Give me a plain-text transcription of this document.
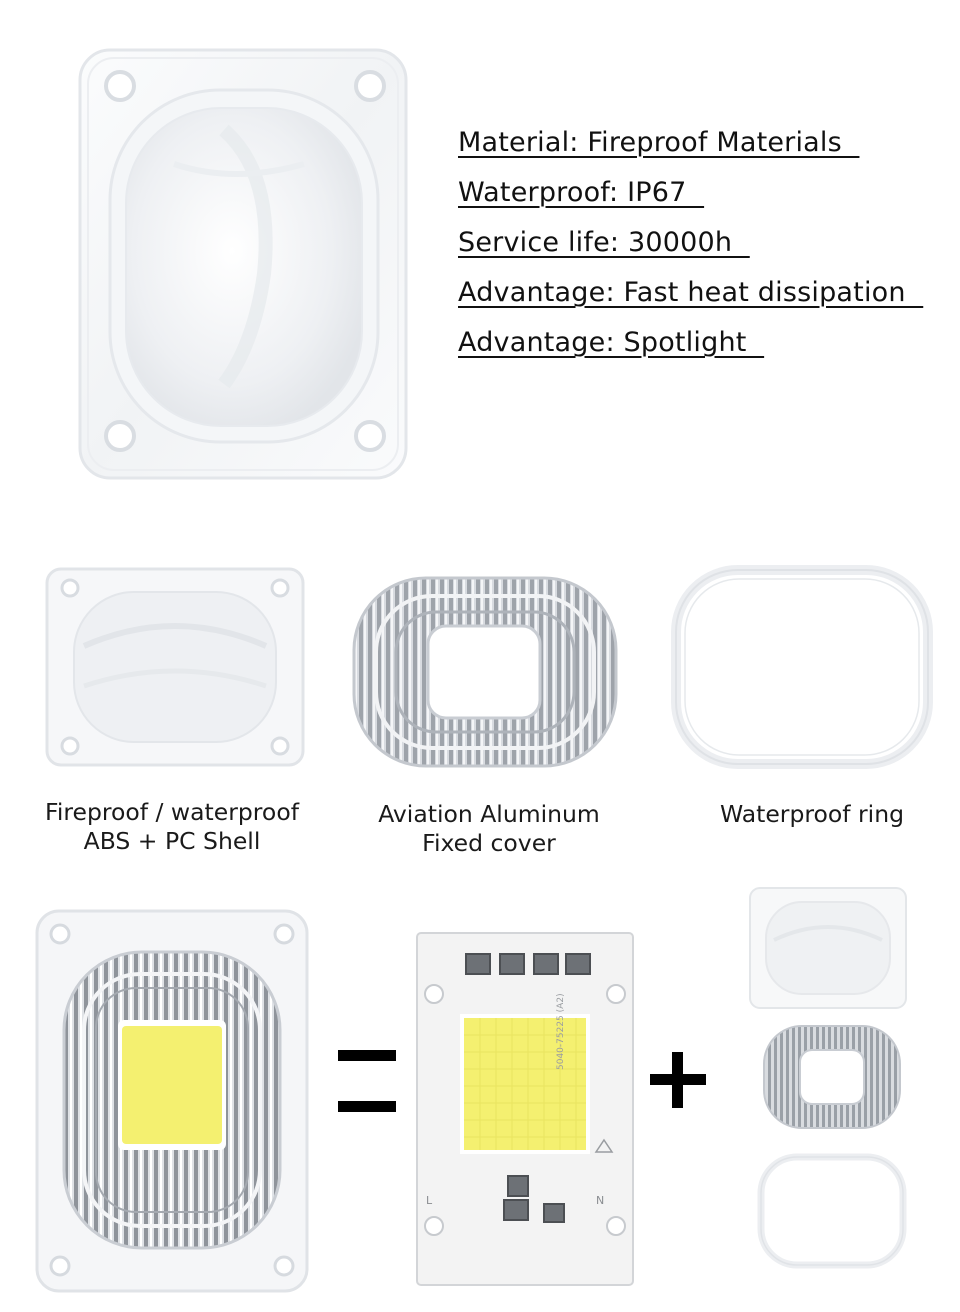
Material: Fireproof Materials
Waterproof: IP67
Service life: 30000h
Advantage: Fast heat dissipation
Advantage: Spotlight
Fireproof / waterproof
ABS + PC Shell
Aviation Aluminum
Fixed cover
Waterproof ring
L	N
5040-75225 (A2)
